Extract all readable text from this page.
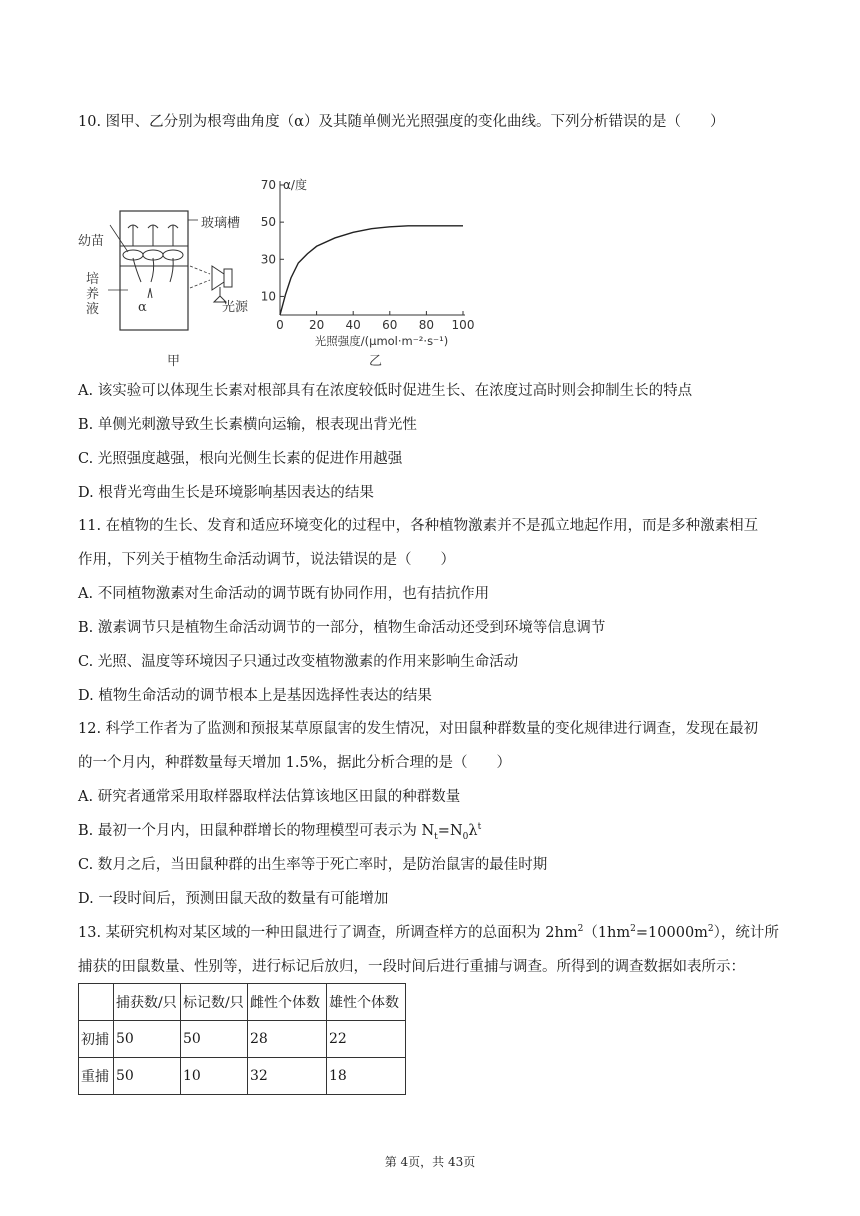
10. 图甲、乙分别为根弯曲角度（α）及其随单侧光光照强度的变化曲线。下列分析错误的是（　　）
幼苗
玻璃槽
培
养
液	α	光源
甲
0 20 40 60 80 100
10
30
50
70 α/度
光照强度/(μmol·m⁻²·s⁻¹)
乙
A. 该实验可以体现生长素对根部具有在浓度较低时促进生长、在浓度过高时则会抑制生长的特点
B. 单侧光刺激导致生长素横向运输，根表现出背光性
C. 光照强度越强，根向光侧生长素的促进作用越强
D. 根背光弯曲生长是环境影响基因表达的结果
11. 在植物的生长、发育和适应环境变化的过程中，各种植物激素并不是孤立地起作用，而是多种激素相互
作用，下列关于植物生命活动调节，说法错误的是（　　）
A. 不同植物激素对生命活动的调节既有协同作用，也有拮抗作用
B. 激素调节只是植物生命活动调节的一部分，植物生命活动还受到环境等信息调节
C. 光照、温度等环境因子只通过改变植物激素的作用来影响生命活动
D. 植物生命活动的调节根本上是基因选择性表达的结果
12. 科学工作者为了监测和预报某草原鼠害的发生情况，对田鼠种群数量的变化规律进行调查，发现在最初
的一个月内，种群数量每天增加 1.5%，据此分析合理的是（　　）
A. 研究者通常采用取样器取样法估算该地区田鼠的种群数量
B. 最初一个月内，田鼠种群增长的物理模型可表示为 $N_t=N_0\lambda^t$
C. 数月之后，当田鼠种群的出生率等于死亡率时，是防治鼠害的最佳时期
D. 一段时间后，预测田鼠天敌的数量有可能增加
13. 某研究机构对某区域的一种田鼠进行了调查，所调查样方的总面积为 $2hm^2(1hm^2=10000m^2)$，统计所
捕获的田鼠数量、性别等，进行标记后放归，一段时间后进行重捕与调查。所得到的调查数据如表所示：
	捕获数/只	标记数/只	雌性个体数	雄性个体数
初捕	50	50	28	22
重捕	50	10	32	18
第 4页，共 43页
